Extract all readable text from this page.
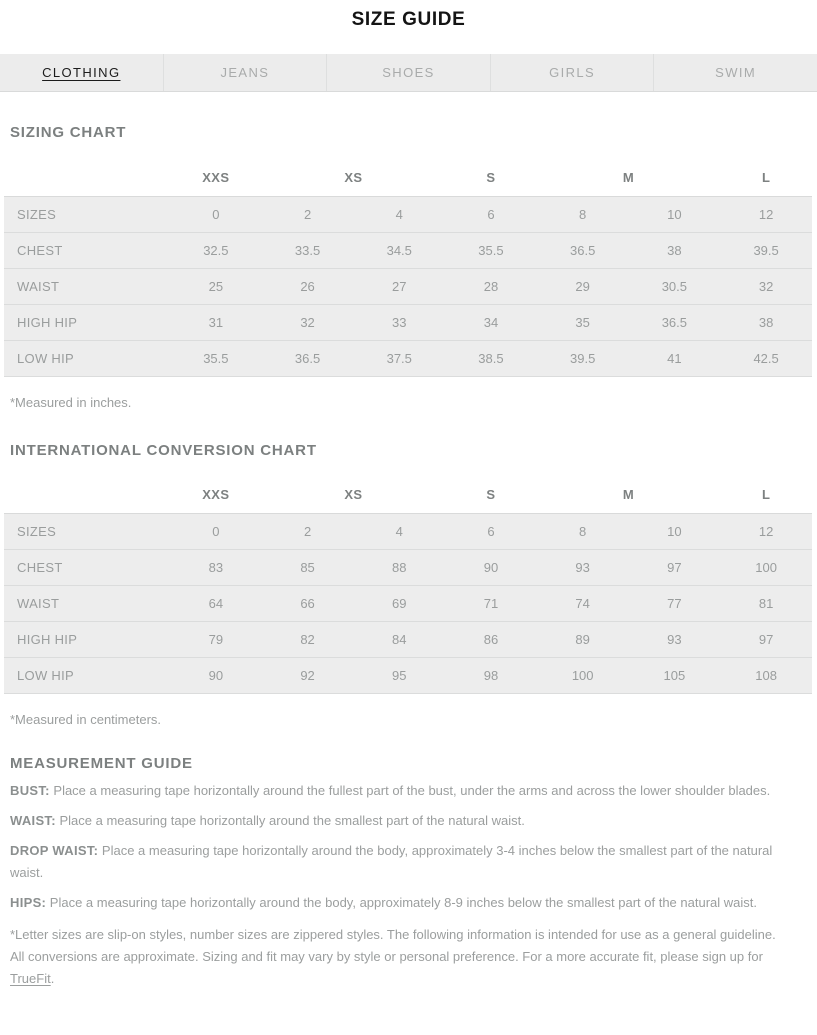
SIZE GUIDE
CLOTHING	JEANS	SHOES	GIRLS	SWIM
SIZING CHART
	XXS	XS		S	M		L
SIZES	0	2	4	6	8	10	12
CHEST	32.5	33.5	34.5	35.5	36.5	38	39.5
WAIST	25	26	27	28	29	30.5	32
HIGH HIP	31	32	33	34	35	36.5	38
LOW HIP	35.5	36.5	37.5	38.5	39.5	41	42.5

*Measured in inches.

INTERNATIONAL CONVERSION CHART
	XXS	XS		S	M		L
SIZES	0	2	4	6	8	10	12
CHEST	83	85	88	90	93	97	100
WAIST	64	66	69	71	74	77	81
HIGH HIP	79	82	84	86	89	93	97
LOW HIP	90	92	95	98	100	105	108

*Measured in centimeters.

MEASUREMENT GUIDE

BUST: Place a measuring tape horizontally around the fullest part of the bust, under the arms and across the lower shoulder blades.

WAIST: Place a measuring tape horizontally around the smallest part of the natural waist.

DROP WAIST: Place a measuring tape horizontally around the body, approximately 3-4 inches below the smallest part of the natural waist.

HIPS: Place a measuring tape horizontally around the body, approximately 8-9 inches below the smallest part of the natural waist.

*Letter sizes are slip-on styles, number sizes are zippered styles. The following information is intended for use as a general guideline. All conversions are approximate. Sizing and fit may vary by style or personal preference. For a more accurate fit, please sign up for TrueFit.
